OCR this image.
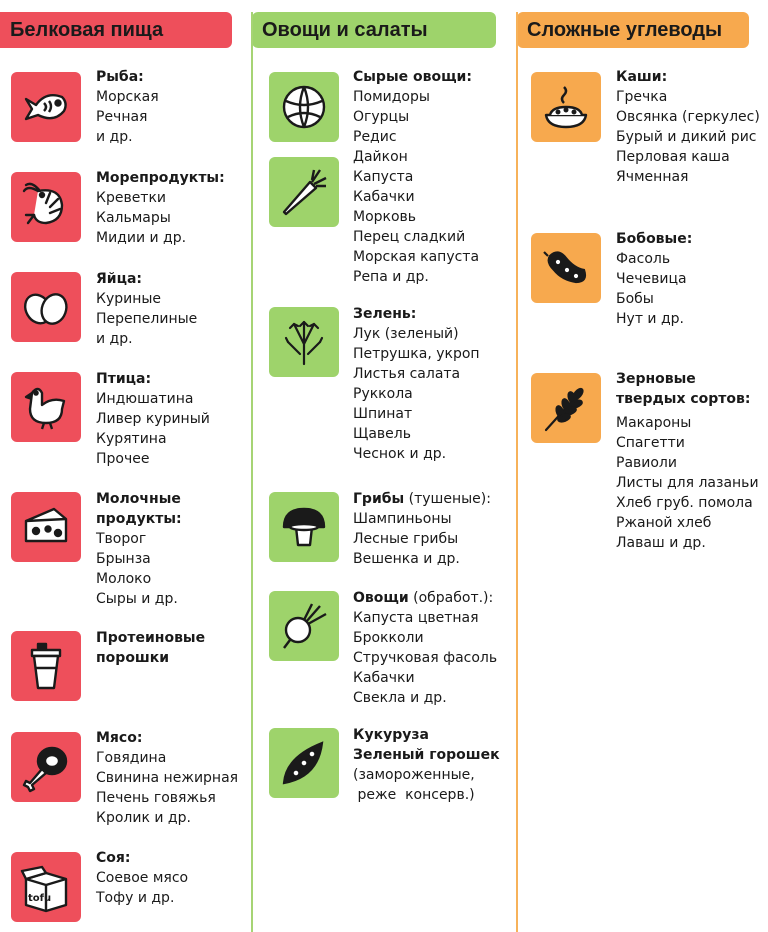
Белковая пища	Овощи и салаты	Сложные углеводы
Рыба:
Морская
Речная
и др.
Морепродукты:
Креветки
Кальмары
Мидии и др.
Яйца:
Куриные
Перепелиные
и др.
Птица:
Индюшатина
Ливер куриный
Курятина
Прочее
Молочные
продукты:
Творог
Брынза
Молоко
Сыры и др.
Протеиновые
порошки
Мясо:
Говядина
Свинина нежирная
Печень говяжья
Кролик и др.
tofu
Соя:
Соевое мясо
Тофу и др.
Сырые овощи:
Помидоры
Огурцы
Редис
Дайкон
Капуста
Кабачки
Морковь
Перец сладкий
Морская капуста
Репа и др.
Зелень:
Лук (зеленый)
Петрушка, укроп
Листья салата
Руккола
Шпинат
Щавель
Чеснок и др.
Грибы (тушеные):
Шампиньоны
Лесные грибы
Вешенка и др.
Овощи (обработ.):
Капуста цветная
Брокколи
Стручковая фасоль
Кабачки
Свекла и др.
Кукуруза
Зеленый горошек
(замороженные,
реже  консерв.)
Каши:
Гречка
Овсянка (геркулес)
Бурый и дикий рис
Перловая каша
Ячменная
Бобовые:
Фасоль
Чечевица
Бобы
Нут и др.
Зерновые
твердых сортов:
Макароны
Спагетти
Равиоли
Листы для лазаньи
Хлеб груб. помола
Ржаной хлеб
Лаваш и др.
